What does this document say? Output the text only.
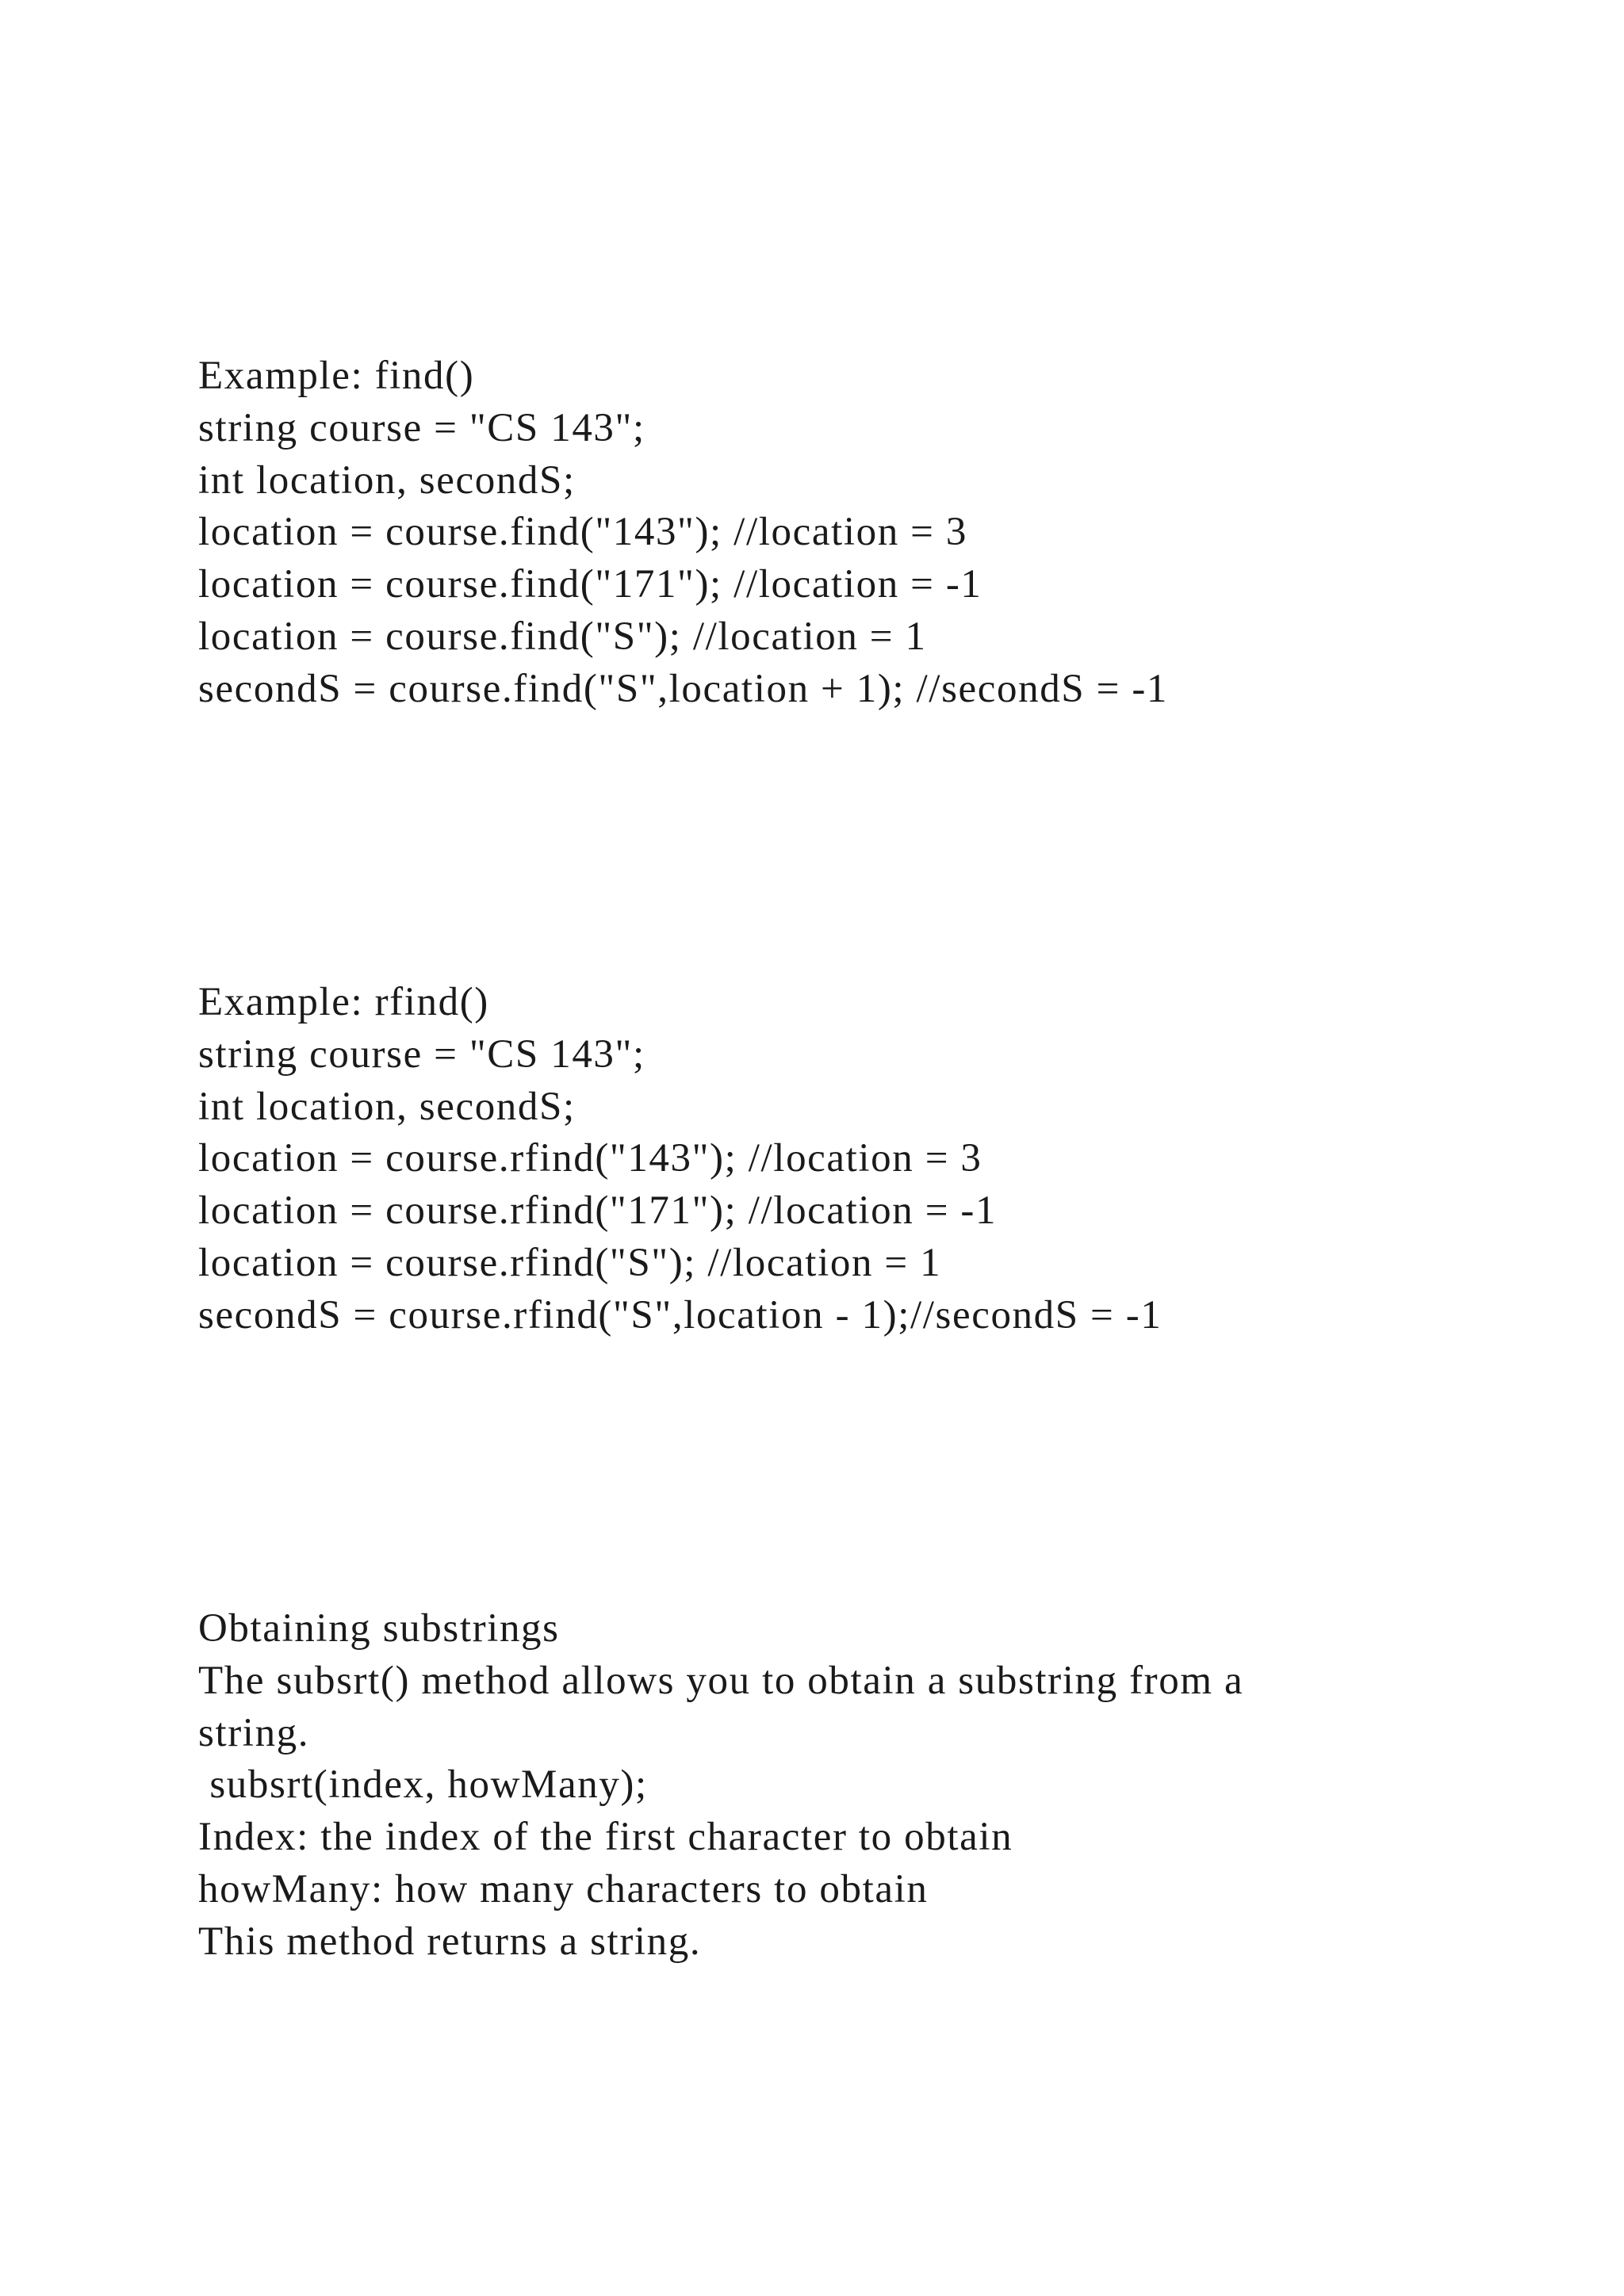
Example: find()
string course = "CS 143";
int location, secondS;
location = course.find("143"); //location = 3
location = course.find("171"); //location = -1
location = course.find("S"); //location = 1
secondS = course.find("S",location + 1); //secondS = -1
Example: rfind()
string course = "CS 143";
int location, secondS;
location = course.rfind("143"); //location = 3
location = course.rfind("171"); //location = -1
location = course.rfind("S"); //location = 1
secondS = course.rfind("S",location - 1);//secondS = -1
Obtaining substrings
The subsrt() method allows you to obtain a substring from a
string.
subsrt(index, howMany);
Index: the index of the first character to obtain
howMany: how many characters to obtain
This method returns a string.
